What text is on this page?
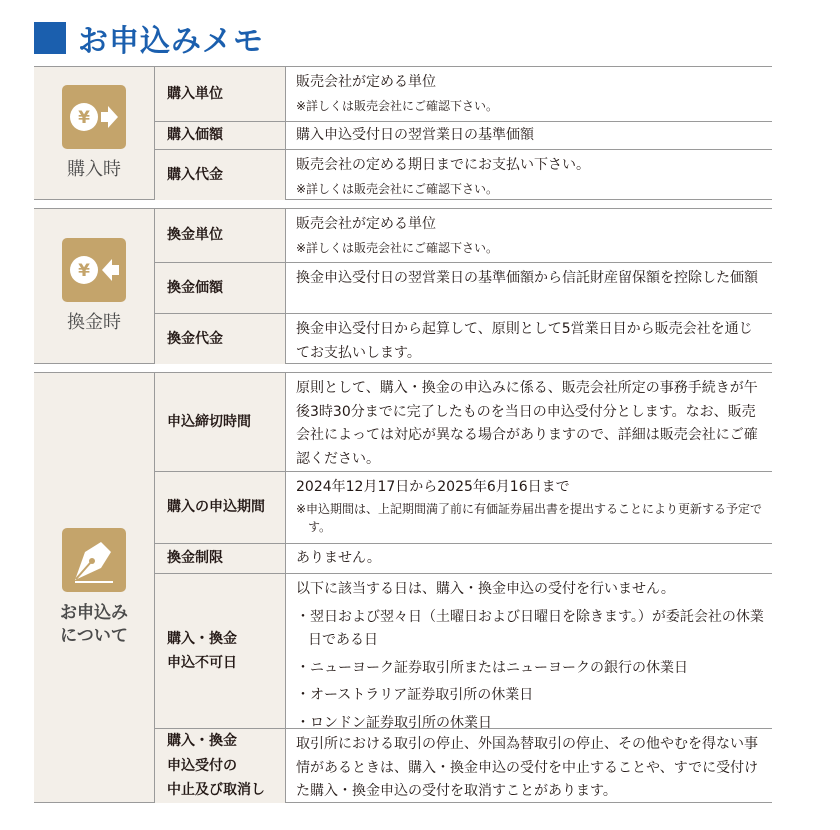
お申込みメモ
¥
購入時
購入単位
販売会社が定める単位
※詳しくは販売会社にご確認下さい。
購入価額	購入申込受付日の翌営業日の基準価額
購入代金
販売会社の定める期日までにお支払い下さい。
※詳しくは販売会社にご確認下さい。
¥
換金時
換金単位
販売会社が定める単位
※詳しくは販売会社にご確認下さい。
換金価額
換金申込受付日の翌営業日の基準価額から信託財産留保額を控除した価額
換金代金
換金申込受付日から起算して、原則として5営業日目から販売会社を通じてお支払いします。
お申込み
について
申込締切時間
原則として、購入・換金の申込みに係る、販売会社所定の事務手続きが午後3時30分までに完了したものを当日の申込受付分とします。なお、販売会社によっては対応が異なる場合がありますので、詳細は販売会社にご確認ください。
購入の申込期間
2024年12月17日から2025年6月16日まで
※申込期間は、上記期間満了前に有価証券届出書を提出することにより更新する予定です。
換金制限	ありません。
購入・換金
申込不可日
以下に該当する日は、購入・換金申込の受付を行いません。
・翌日および翌々日（土曜日および日曜日を除きます。）が委託会社の休業日である日
・ニューヨーク証券取引所またはニューヨークの銀行の休業日
・オーストラリア証券取引所の休業日
・ロンドン証券取引所の休業日
購入・換金
申込受付の
中止及び取消し
取引所における取引の停止、外国為替取引の停止、その他やむを得ない事情があるときは、購入・換金申込の受付を中止することや、すでに受付けた購入・換金申込の受付を取消すことがあります。
